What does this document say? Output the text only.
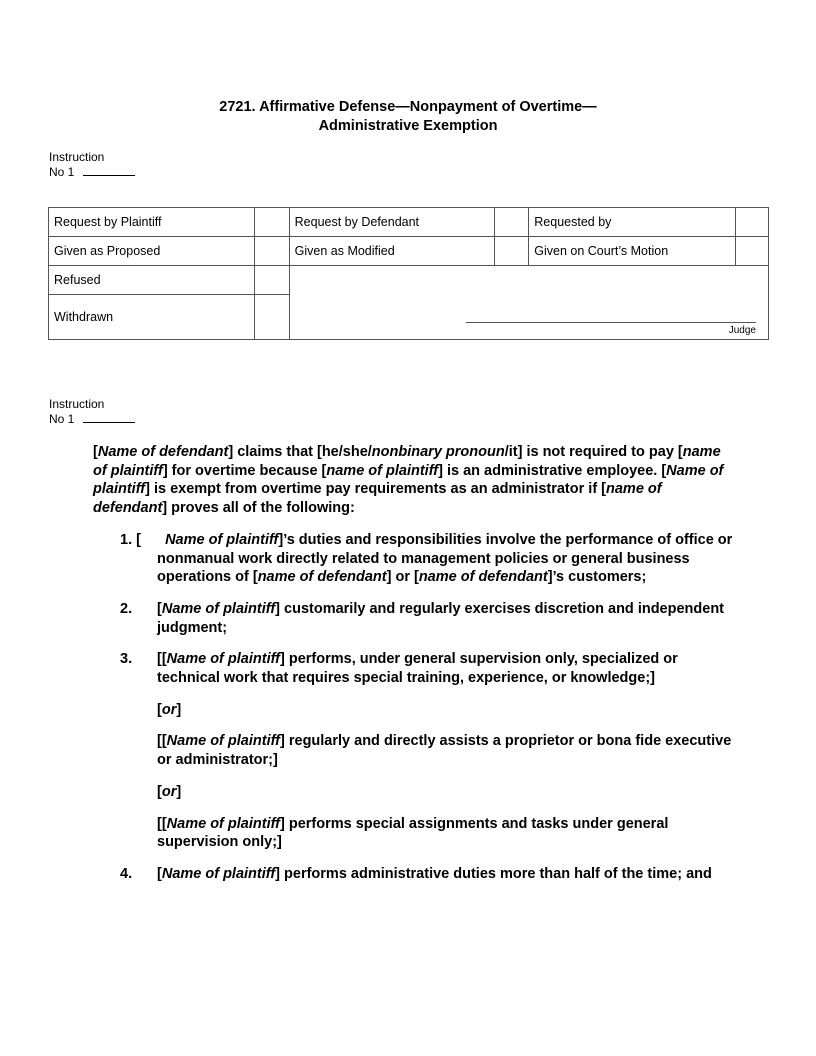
2721. Affirmative Defense—Nonpayment of Overtime—
Administrative Exemption
Instruction
No 1
Request by Plaintiff		Request by Defendant		Requested by	
Given as Proposed		Given as Modified		Given on Court’s Motion	
Refused		Judge			

Withdrawn					
Instruction
No 1

[Name of defendant] claims that [he/she/nonbinary pronoun/it] is not required to pay [name of plaintiff] for overtime because [name of plaintiff] is an administrative employee. [Name of plaintiff] is exempt from overtime pay requirements as an administrator if [name of defendant] proves all of the following:

1. [	Name of plaintiff]’s duties and responsibilities involve the performance of office or nonmanual work directly related to management policies or general business operations of [name of defendant] or [name of defendant]’s customers;
2.	[Name of plaintiff] customarily and regularly exercises discretion and independent judgment;
3.	[[Name of plaintiff] performs, under general supervision only, specialized or technical work that requires special training, experience, or knowledge;]
[or]
[[Name of plaintiff] regularly and directly assists a proprietor or bona fide executive or administrator;]
[or]
[[Name of plaintiff] performs special assignments and tasks under general supervision only;]
4.	[Name of plaintiff] performs administrative duties more than half of the time; and
